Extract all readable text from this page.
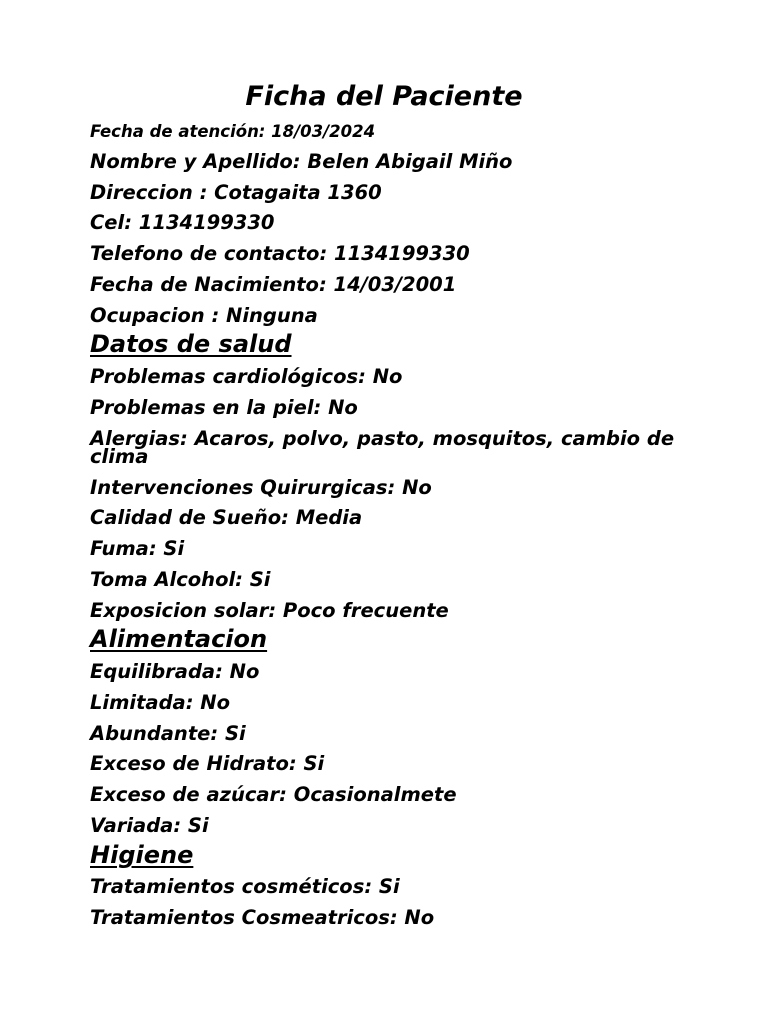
Ficha del Paciente

Fecha de atención: 18/03/2024

Nombre y Apellido: Belen Abigail Miño

Direccion : Cotagaita 1360

Cel: 1134199330

Telefono de contacto: 1134199330

Fecha de Nacimiento: 14/03/2001

Ocupacion : Ninguna

Datos de salud

Problemas cardiológicos: No

Problemas en la piel: No

Alergias: Acaros, polvo, pasto, mosquitos, cambio de clima

Intervenciones Quirurgicas: No

Calidad de Sueño: Media

Fuma: Si

Toma Alcohol: Si

Exposicion solar: Poco frecuente

Alimentacion

Equilibrada: No

Limitada: No

Abundante: Si

Exceso de Hidrato: Si

Exceso de azúcar: Ocasionalmete

Variada: Si

Higiene

Tratamientos cosméticos: Si

Tratamientos Cosmeatricos: No
